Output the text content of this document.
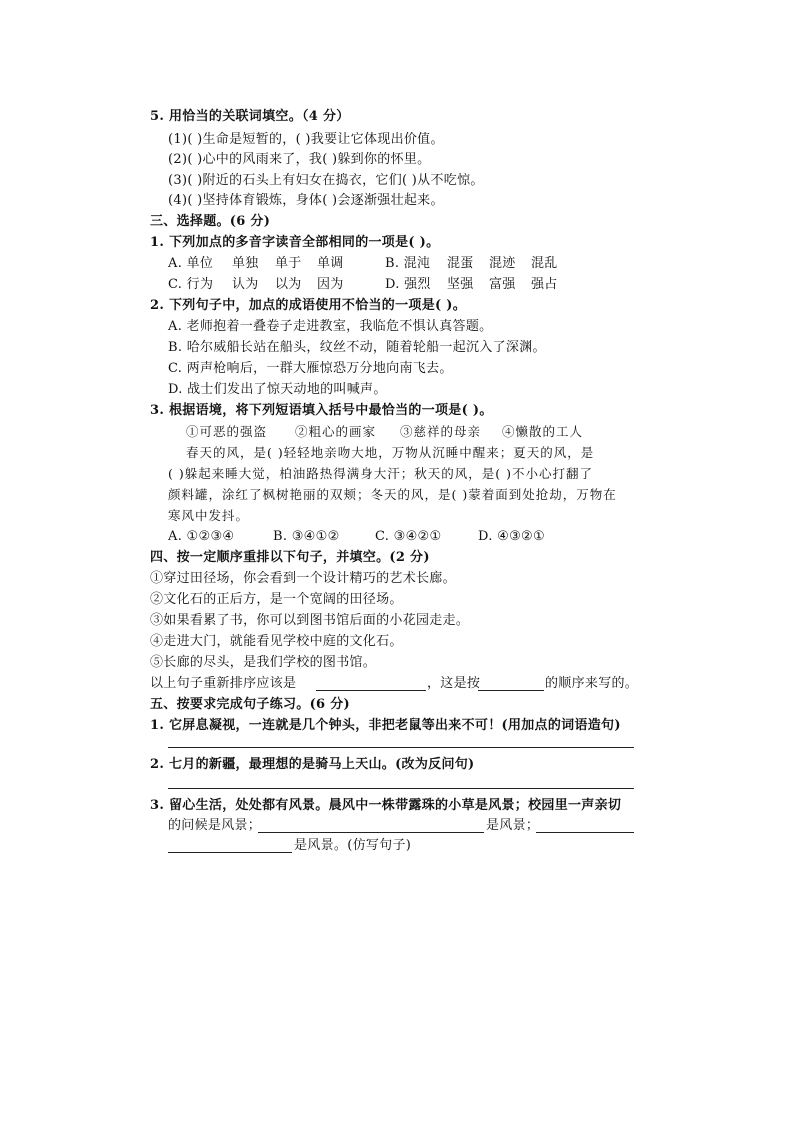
5. 用恰当的关联词填空。（4 分）
(1)( )生命是短暂的，( )我要让它体现出价值。
(2)( )心中的风雨来了，我( )躲到你的怀里。
(3)( )附近的石头上有妇女在捣衣，它们( )从不吃惊。
(4)( )坚持体育锻炼，身体( )会逐渐强壮起来。
三、选择题。(6 分)
1. 下列加点的多音字读音全部相同的一项是( )。
A. 单位 单独 单于 单调	B. 混沌 混蛋 混迹 混乱
C. 行为 认为 以为 因为	D. 强烈 坚强 富强 强占
2. 下列句子中，加点的成语使用不恰当的一项是( )。
A. 老师抱着一叠卷子走进教室，我临危不惧认真答题。
B. 哈尔威船长站在船头，纹丝不动，随着轮船一起沉入了深渊。
C. 两声枪响后，一群大雁惊恐万分地向南飞去。
D. 战士们发出了惊天动地的叫喊声。
3. 根据语境，将下列短语填入括号中最恰当的一项是( )。
①可恶的强盗 ②粗心的画家 ③慈祥的母亲 ④懒散的工人
春天的风，是( )轻轻地亲吻大地，万物从沉睡中醒来；夏天的风，是
( )躲起来睡大觉，柏油路热得满身大汗；秋天的风，是( )不小心打翻了
颜料罐，涂红了枫树艳丽的双颊；冬天的风，是( )蒙着面到处抢劫，万物在
寒风中发抖。
A. ①②③④	B. ③④①②	C. ③④②①	D. ④③②①
四、按一定顺序重排以下句子，并填空。(2 分)
①穿过田径场，你会看到一个设计精巧的艺术长廊。
②文化石的正后方，是一个宽阔的田径场。
③如果看累了书，你可以到图书馆后面的小花园走走。
④走进大门，就能看见学校中庭的文化石。
⑤长廊的尽头，是我们学校的图书馆。
以上句子重新排序应该是	，这是按	的顺序来写的。
五、按要求完成句子练习。(6 分)
1. 它屏息凝视，一连就是几个钟头，非把老鼠等出来不可！(用加点的词语造句)
2. 七月的新疆，最理想的是骑马上天山。(改为反问句)
3. 留心生活，处处都有风景。晨风中一株带露珠的小草是风景；校园里一声亲切
的问候是风景；	是风景；
是风景。(仿写句子)
